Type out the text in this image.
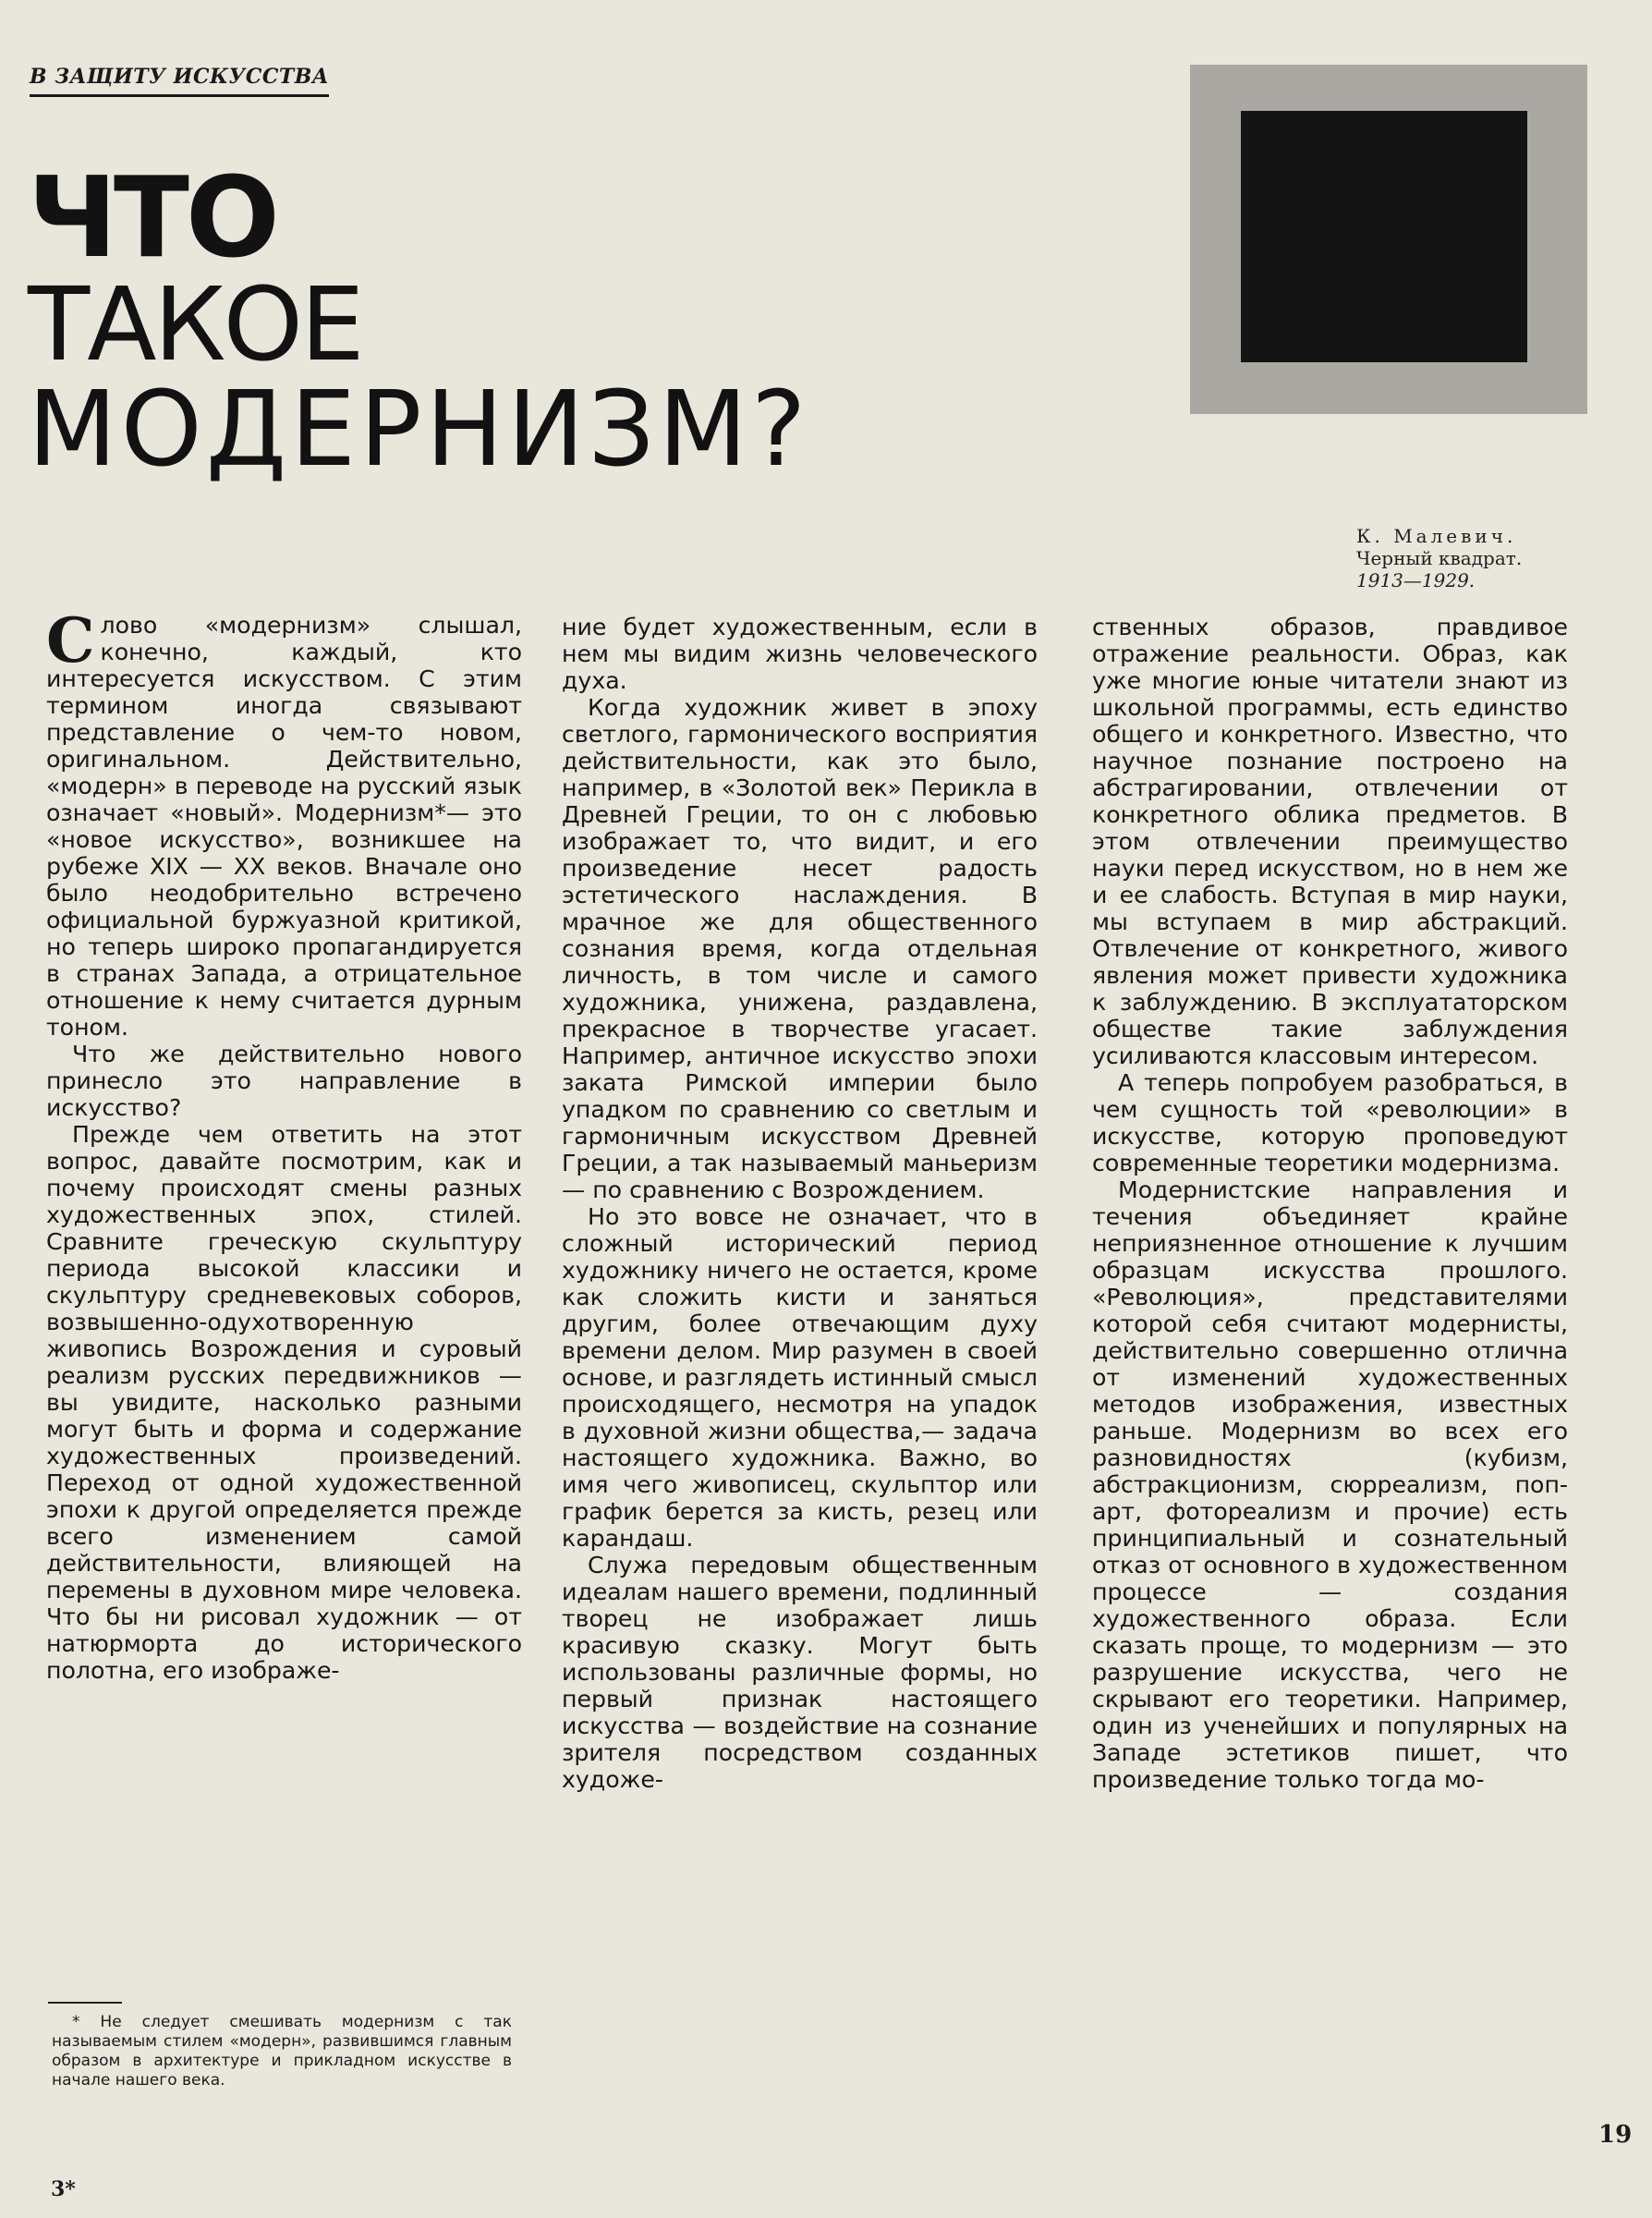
В ЗАЩИТУ ИСКУССТВА
ЧТО
ТАКОЕ
МОДЕРНИЗМ?
К. Малевич.
Черный квадрат.
1913—1929.

Слово «модернизм» слышал, конечно, каждый, кто интересуется искусством. С этим термином иногда связывают представление о чем-то новом, оригинальном. Действительно, «модерн» в переводе на русский язык означает «новый». Модернизм*— это «новое искусство», возникшее на рубеже XIX — XX веков. Вначале оно было неодобрительно встречено официальной буржуазной критикой, но теперь широко пропагандируется в странах Запада, а отрицательное отношение к нему считается дурным тоном.

Что же действительно нового принесло это направление в искусство?

Прежде чем ответить на этот вопрос, давайте посмотрим, как и почему происходят смены разных художественных эпох, стилей. Сравните греческую скульптуру периода высокой классики и скульптуру средневековых соборов, возвышенно-одухотворенную живопись Возрождения и суровый реализм русских передвижников — вы увидите, насколько разными могут быть и форма и содержание художественных произведений. Переход от одной художественной эпохи к другой определяется прежде всего изменением самой действительности, влияющей на перемены в духовном мире человека. Что бы ни рисовал художник — от натюрморта до исторического полотна, его изображе-

ние будет художественным, если в нем мы видим жизнь человеческого духа.

Когда художник живет в эпоху светлого, гармонического восприятия действительности, как это было, например, в «Золотой век» Перикла в Древней Греции, то он с любовью изображает то, что видит, и его произведение несет радость эстетического наслаждения. В мрачное же для общественного сознания время, когда отдельная личность, в том числе и самого художника, унижена, раздавлена, прекрасное в творчестве угасает. Например, античное искусство эпохи заката Римской империи было упадком по сравнению со светлым и гармоничным искусством Древней Греции, а так называемый маньеризм — по сравнению с Возрождением.

Но это вовсе не означает, что в сложный исторический период художнику ничего не остается, кроме как сложить кисти и заняться другим, более отвечающим духу времени делом. Мир разумен в своей основе, и разглядеть истинный смысл происходящего, несмотря на упадок в духовной жизни общества,— задача настоящего художника. Важно, во имя чего живописец, скульптор или график берется за кисть, резец или карандаш.

Служа передовым общественным идеалам нашего времени, подлинный творец не изображает лишь красивую сказку. Могут быть использованы различные формы, но первый признак настоящего искусства — воздействие на сознание зрителя посредством созданных художе-

ственных образов, правдивое отражение реальности. Образ, как уже многие юные читатели знают из школьной программы, есть единство общего и конкретного. Известно, что научное познание построено на абстрагировании, отвлечении от конкретного облика предметов. В этом отвлечении преимущество науки перед искусством, но в нем же и ее слабость. Вступая в мир науки, мы вступаем в мир абстракций. Отвлечение от конкретного, живого явления может привести художника к заблуждению. В эксплуататорском обществе такие заблуждения усиливаются классовым интересом.

А теперь попробуем разобраться, в чем сущность той «революции» в искусстве, которую проповедуют современные теоретики модернизма.

Модернистские направления и течения объединяет крайне неприязненное отношение к лучшим образцам искусства прошлого. «Революция», представителями которой себя считают модернисты, действительно совершенно отлична от изменений художественных методов изображения, известных раньше. Модернизм во всех его разновидностях (кубизм, абстракционизм, сюрреализм, поп-арт, фотореализм и прочие) есть принципиальный и сознательный отказ от основного в художественном процессе — создания художественного образа. Если сказать проще, то модернизм — это разрушение искусства, чего не скрывают его теоретики. Например, один из ученейших и популярных на Западе эстетиков пишет, что произведение только тогда мо-

* Не следует смешивать модернизм с так называемым стилем «модерн», развившимся главным образом в архитектуре и прикладном искусстве в начале нашего века.
19
3*
